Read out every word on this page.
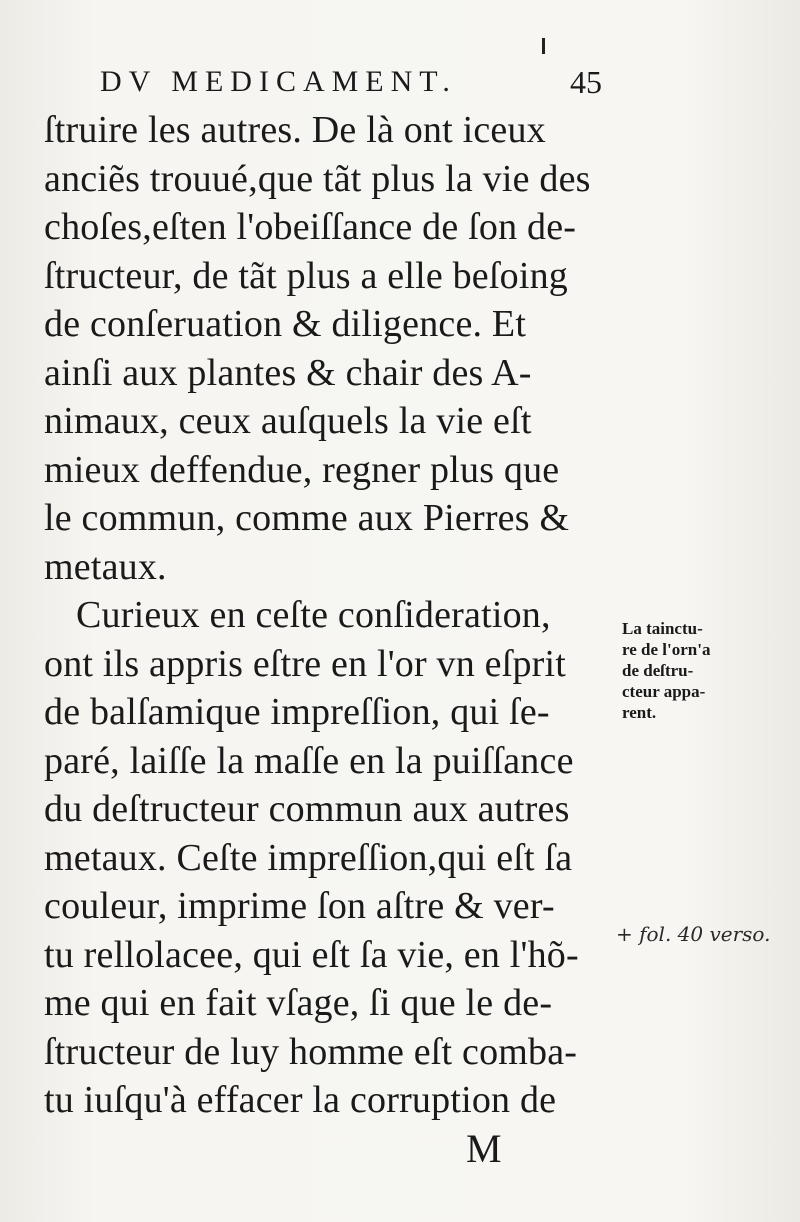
DV MEDICAMENT.	45
ſtruire les autres. De là ont iceux
anciẽs trouué,que tãt plus la vie des
choſes,eſten l'obeiſſance de ſon de-
ſtructeur, de tãt plus a elle beſoing
de conſeruation & diligence. Et
ainſi aux plantes & chair des A-
nimaux, ceux auſquels la vie eſt
mieux deffendue, regner plus que
le commun, comme aux Pierres &
metaux.
Curieux en ceſte conſideration,
ont ils appris eſtre en l'or vn eſprit
de balſamique impreſſion, qui ſe-
paré, laiſſe la maſſe en la puiſſance
du deſtructeur commun aux autres
metaux. Ceſte impreſſion,qui eſt ſa
couleur, imprime ſon aſtre & ver-
tu rellolacee, qui eſt ſa vie, en l'hõ-
me qui en fait vſage, ſi que le de-
ſtructeur de luy homme eſt comba-
tu iuſqu'à effacer la corruption de
La tainctu-
re de l'orn'a
de deſtru-
cteur appa-
rent.
+ fol. 40 verso.
M
